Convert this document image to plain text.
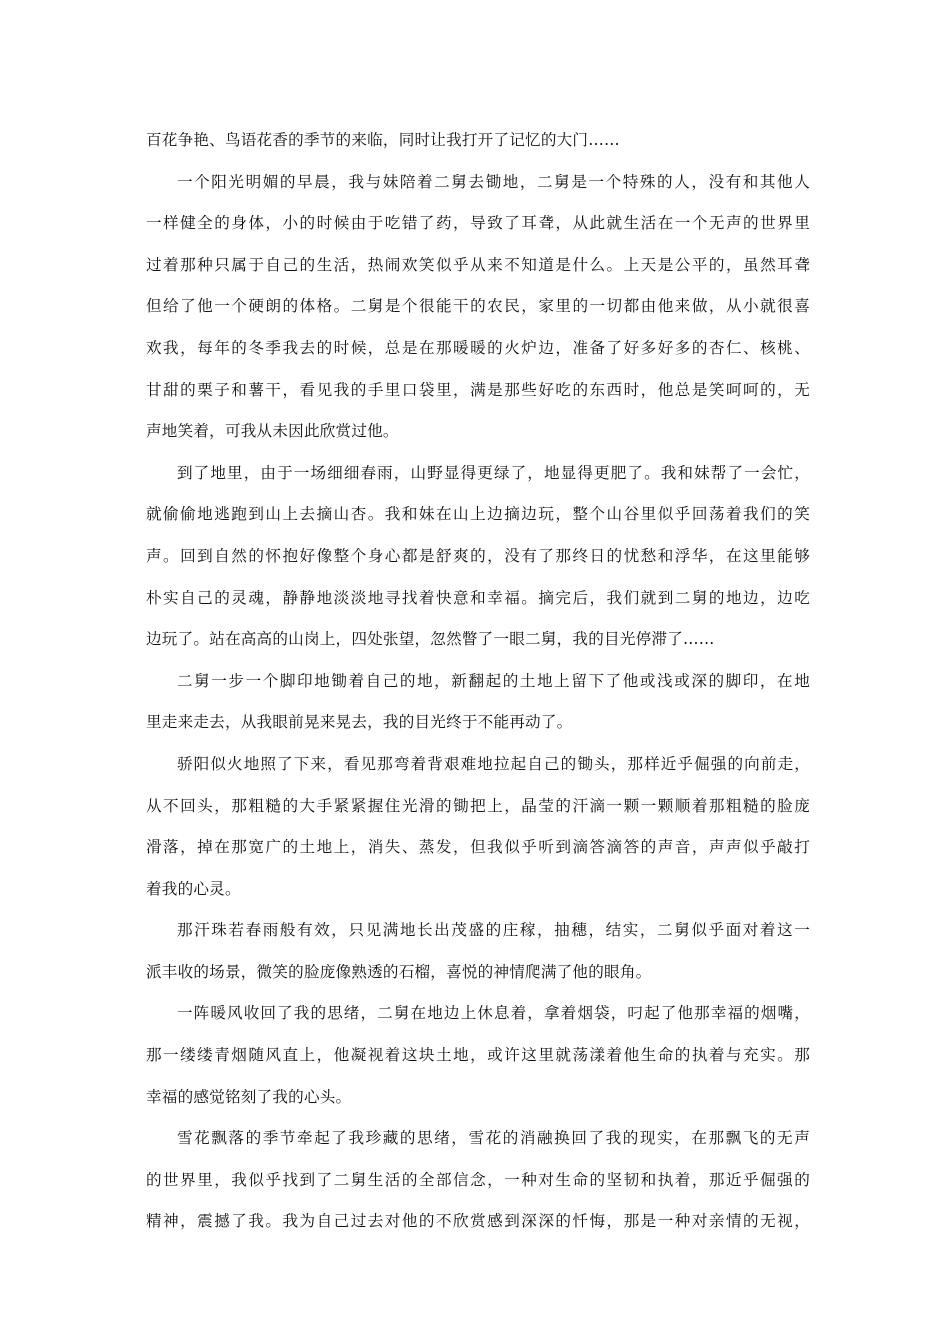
百花争艳、鸟语花香的季节的来临，同时让我打开了记忆的大门……
一个阳光明媚的早晨，我与妹陪着二舅去锄地，二舅是一个特殊的人，没有和其他人
一样健全的身体，小的时候由于吃错了药，导致了耳聋，从此就生活在一个无声的世界里
过着那种只属于自己的生活，热闹欢笑似乎从来不知道是什么。上天是公平的，虽然耳聋
但给了他一个硬朗的体格。二舅是个很能干的农民，家里的一切都由他来做，从小就很喜
欢我，每年的冬季我去的时候，总是在那暖暖的火炉边，准备了好多好多的杏仁、核桃、
甘甜的栗子和薯干，看见我的手里口袋里，满是那些好吃的东西时，他总是笑呵呵的，无
声地笑着，可我从未因此欣赏过他。
到了地里，由于一场细细春雨，山野显得更绿了，地显得更肥了。我和妹帮了一会忙，
就偷偷地逃跑到山上去摘山杏。我和妹在山上边摘边玩，整个山谷里似乎回荡着我们的笑
声。回到自然的怀抱好像整个身心都是舒爽的，没有了那终日的忧愁和浮华，在这里能够
朴实自己的灵魂，静静地淡淡地寻找着快意和幸福。摘完后，我们就到二舅的地边，边吃
边玩了。站在高高的山岗上，四处张望，忽然瞥了一眼二舅，我的目光停滞了……
二舅一步一个脚印地锄着自己的地，新翻起的土地上留下了他或浅或深的脚印，在地
里走来走去，从我眼前晃来晃去，我的目光终于不能再动了。
骄阳似火地照了下来，看见那弯着背艰难地拉起自己的锄头，那样近乎倔强的向前走，
从不回头，那粗糙的大手紧紧握住光滑的锄把上，晶莹的汗滴一颗一颗顺着那粗糙的脸庞
滑落，掉在那宽广的土地上，消失、蒸发，但我似乎听到滴答滴答的声音，声声似乎敲打
着我的心灵。
那汗珠若春雨般有效，只见满地长出茂盛的庄稼，抽穗，结实，二舅似乎面对着这一
派丰收的场景，微笑的脸庞像熟透的石榴，喜悦的神情爬满了他的眼角。
一阵暖风收回了我的思绪，二舅在地边上休息着，拿着烟袋，叼起了他那幸福的烟嘴，
那一缕缕青烟随风直上，他凝视着这块土地，或许这里就荡漾着他生命的执着与充实。那
幸福的感觉铭刻了我的心头。
雪花飘落的季节牵起了我珍藏的思绪，雪花的消融换回了我的现实，在那飘飞的无声
的世界里，我似乎找到了二舅生活的全部信念，一种对生命的坚韧和执着，那近乎倔强的
精神，震撼了我。我为自己过去对他的不欣赏感到深深的忏悔，那是一种对亲情的无视，
